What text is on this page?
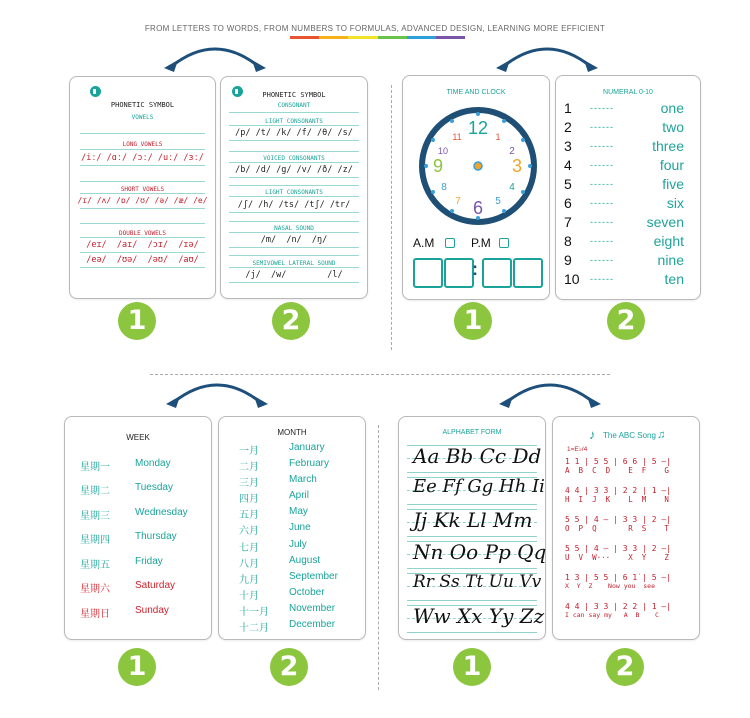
FROM LETTERS TO WORDS, FROM NUMBERS TO FORMULAS, ADVANCED DESIGN, LEARNING MORE EFFICIENT
PHONETIC SYMBOL
VOWELS
LONG VOWELS
/iː/ /ɑː/ /ɔː/ /uː/ /ɜː/
SHORT VOWELS
/ɪ/ /ʌ/ /ɒ/ /ʊ/ /ə/ /æ/ /e/
DOUBLE VOWELS
/eɪ/  /aɪ/  /ɔɪ/  /ɪə/
/eə/  /ʊə/  /əʊ/  /aʊ/
PHONETIC SYMBOL
CONSONANT
LIGHT CONSONANTS
/p/ /t/ /k/ /f/ /θ/ /s/
VOICED CONSONANTS
/b/ /d/ /g/ /v/ /ð/ /z/
LIGHT CONSONANTS
/ʃ/ /h/ /ts/ /tʃ/ /tr/
NASAL SOUND
/m/  /n/  /ŋ/
SEMIVOWEL LATERAL SOUND
/j/  /w/        /l/
TIME AND CLOCK
12 1
2
3
4
5
6
7
8
9
10
11
A.M	P.M
:
NUMERAL 0-10
1 ------	one
2 ------	two
3 ------	three
4 ------	four
5 ------	five
6 ------	six
7 ------ seven
8 ------	eight
9 ------	nine
10 ------	ten
WEEK
星期一	Monday
星期二	Tuesday
星期三	Wednesday
星期四	Thursday
星期五	Friday
星期六	Saturday
星期日	Sunday
MONTH
一月	January
二月	February
三月	March
四月	April
五月	May
六月	June
七月	July
八月	August
九月	September
十月	October
十一月 November
十二月 December
ALPHABET FORM
Aa Bb Cc Dd
Ee Ff Gg Hh Ii
Jj Kk Ll Mm
Nn Oo Pp Qq
Rr Ss Tt Uu Vv
Ww Xx Yy Zz
♪ The ABC Song ♫
1=E♭/4
1 1 | 5 5 | 6 6 | 5 —|
A  B  C  D    E  F    G
4 4 | 3 3 | 2 2 | 1 —|
H  I  J  K    L  M    N
5 5 | 4 — | 3 3 | 2 —|
O  P  Q       R  S    T
5 5 | 4 — | 3 3 | 2 —|
U  V  W···    X  Y    Z
1 3 | 5 5 | 6 1̇ | 5 —|
X  Y  Z    Now you  see
4 4 | 3 3 | 2 2 | 1 —|
I can say my   A  B    C
1	2	1	2
1	2	1	2
